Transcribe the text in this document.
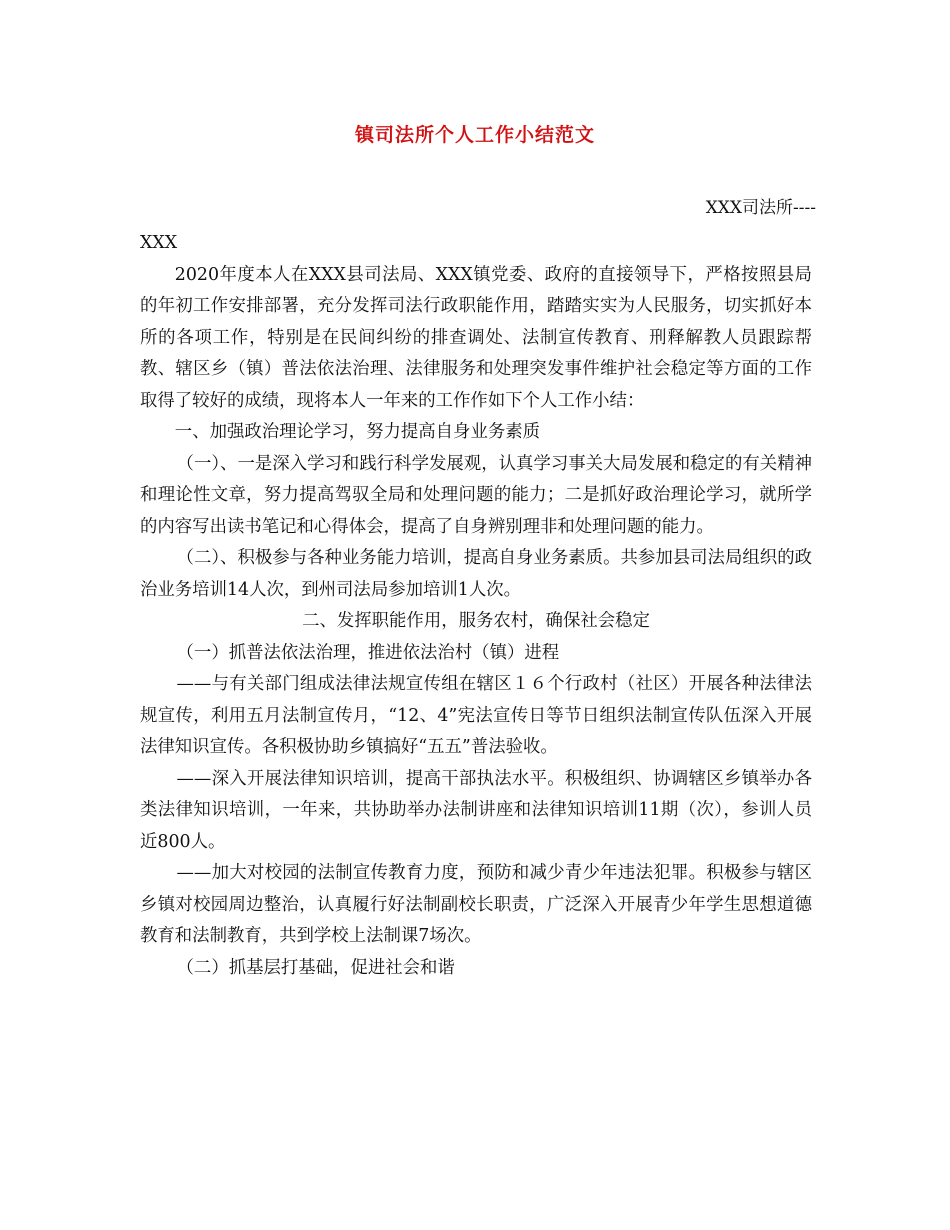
镇司法所个人工作小结范文
XXX司法所----

XXX

2020年度本人在XXX县司法局、XXX镇党委、政府的直接领导下，严格按照县局的年初工作安排部署，充分发挥司法行政职能作用，踏踏实实为人民服务，切实抓好本所的各项工作，特别是在民间纠纷的排查调处、法制宣传教育、刑释解教人员跟踪帮教、辖区乡（镇）普法依法治理、法律服务和处理突发事件维护社会稳定等方面的工作取得了较好的成绩，现将本人一年来的工作作如下个人工作小结：

一、加强政治理论学习，努力提高自身业务素质

（一）、一是深入学习和践行科学发展观，认真学习事关大局发展和稳定的有关精神和理论性文章，努力提高驾驭全局和处理问题的能力；二是抓好政治理论学习，就所学的内容写出读书笔记和心得体会，提高了自身辨别理非和处理问题的能力。

（二）、积极参与各种业务能力培训，提高自身业务素质。共参加县司法局组织的政治业务培训14人次，到州司法局参加培训1人次。

二、发挥职能作用，服务农村，确保社会稳定

（一）抓普法依法治理，推进依法治村（镇）进程

——与有关部门组成法律法规宣传组在辖区１６个行政村（社区）开展各种法律法规宣传，利用五月法制宣传月，“12、4”宪法宣传日等节日组织法制宣传队伍深入开展法律知识宣传。各积极协助乡镇搞好“五五”普法验收。

——深入开展法律知识培训，提高干部执法水平。积极组织、协调辖区乡镇举办各类法律知识培训，一年来，共协助举办法制讲座和法律知识培训11期（次），参训人员近800人。

——加大对校园的法制宣传教育力度，预防和减少青少年违法犯罪。积极参与辖区乡镇对校园周边整治，认真履行好法制副校长职责，广泛深入开展青少年学生思想道德教育和法制教育，共到学校上法制课7场次。

（二）抓基层打基础，促进社会和谐
